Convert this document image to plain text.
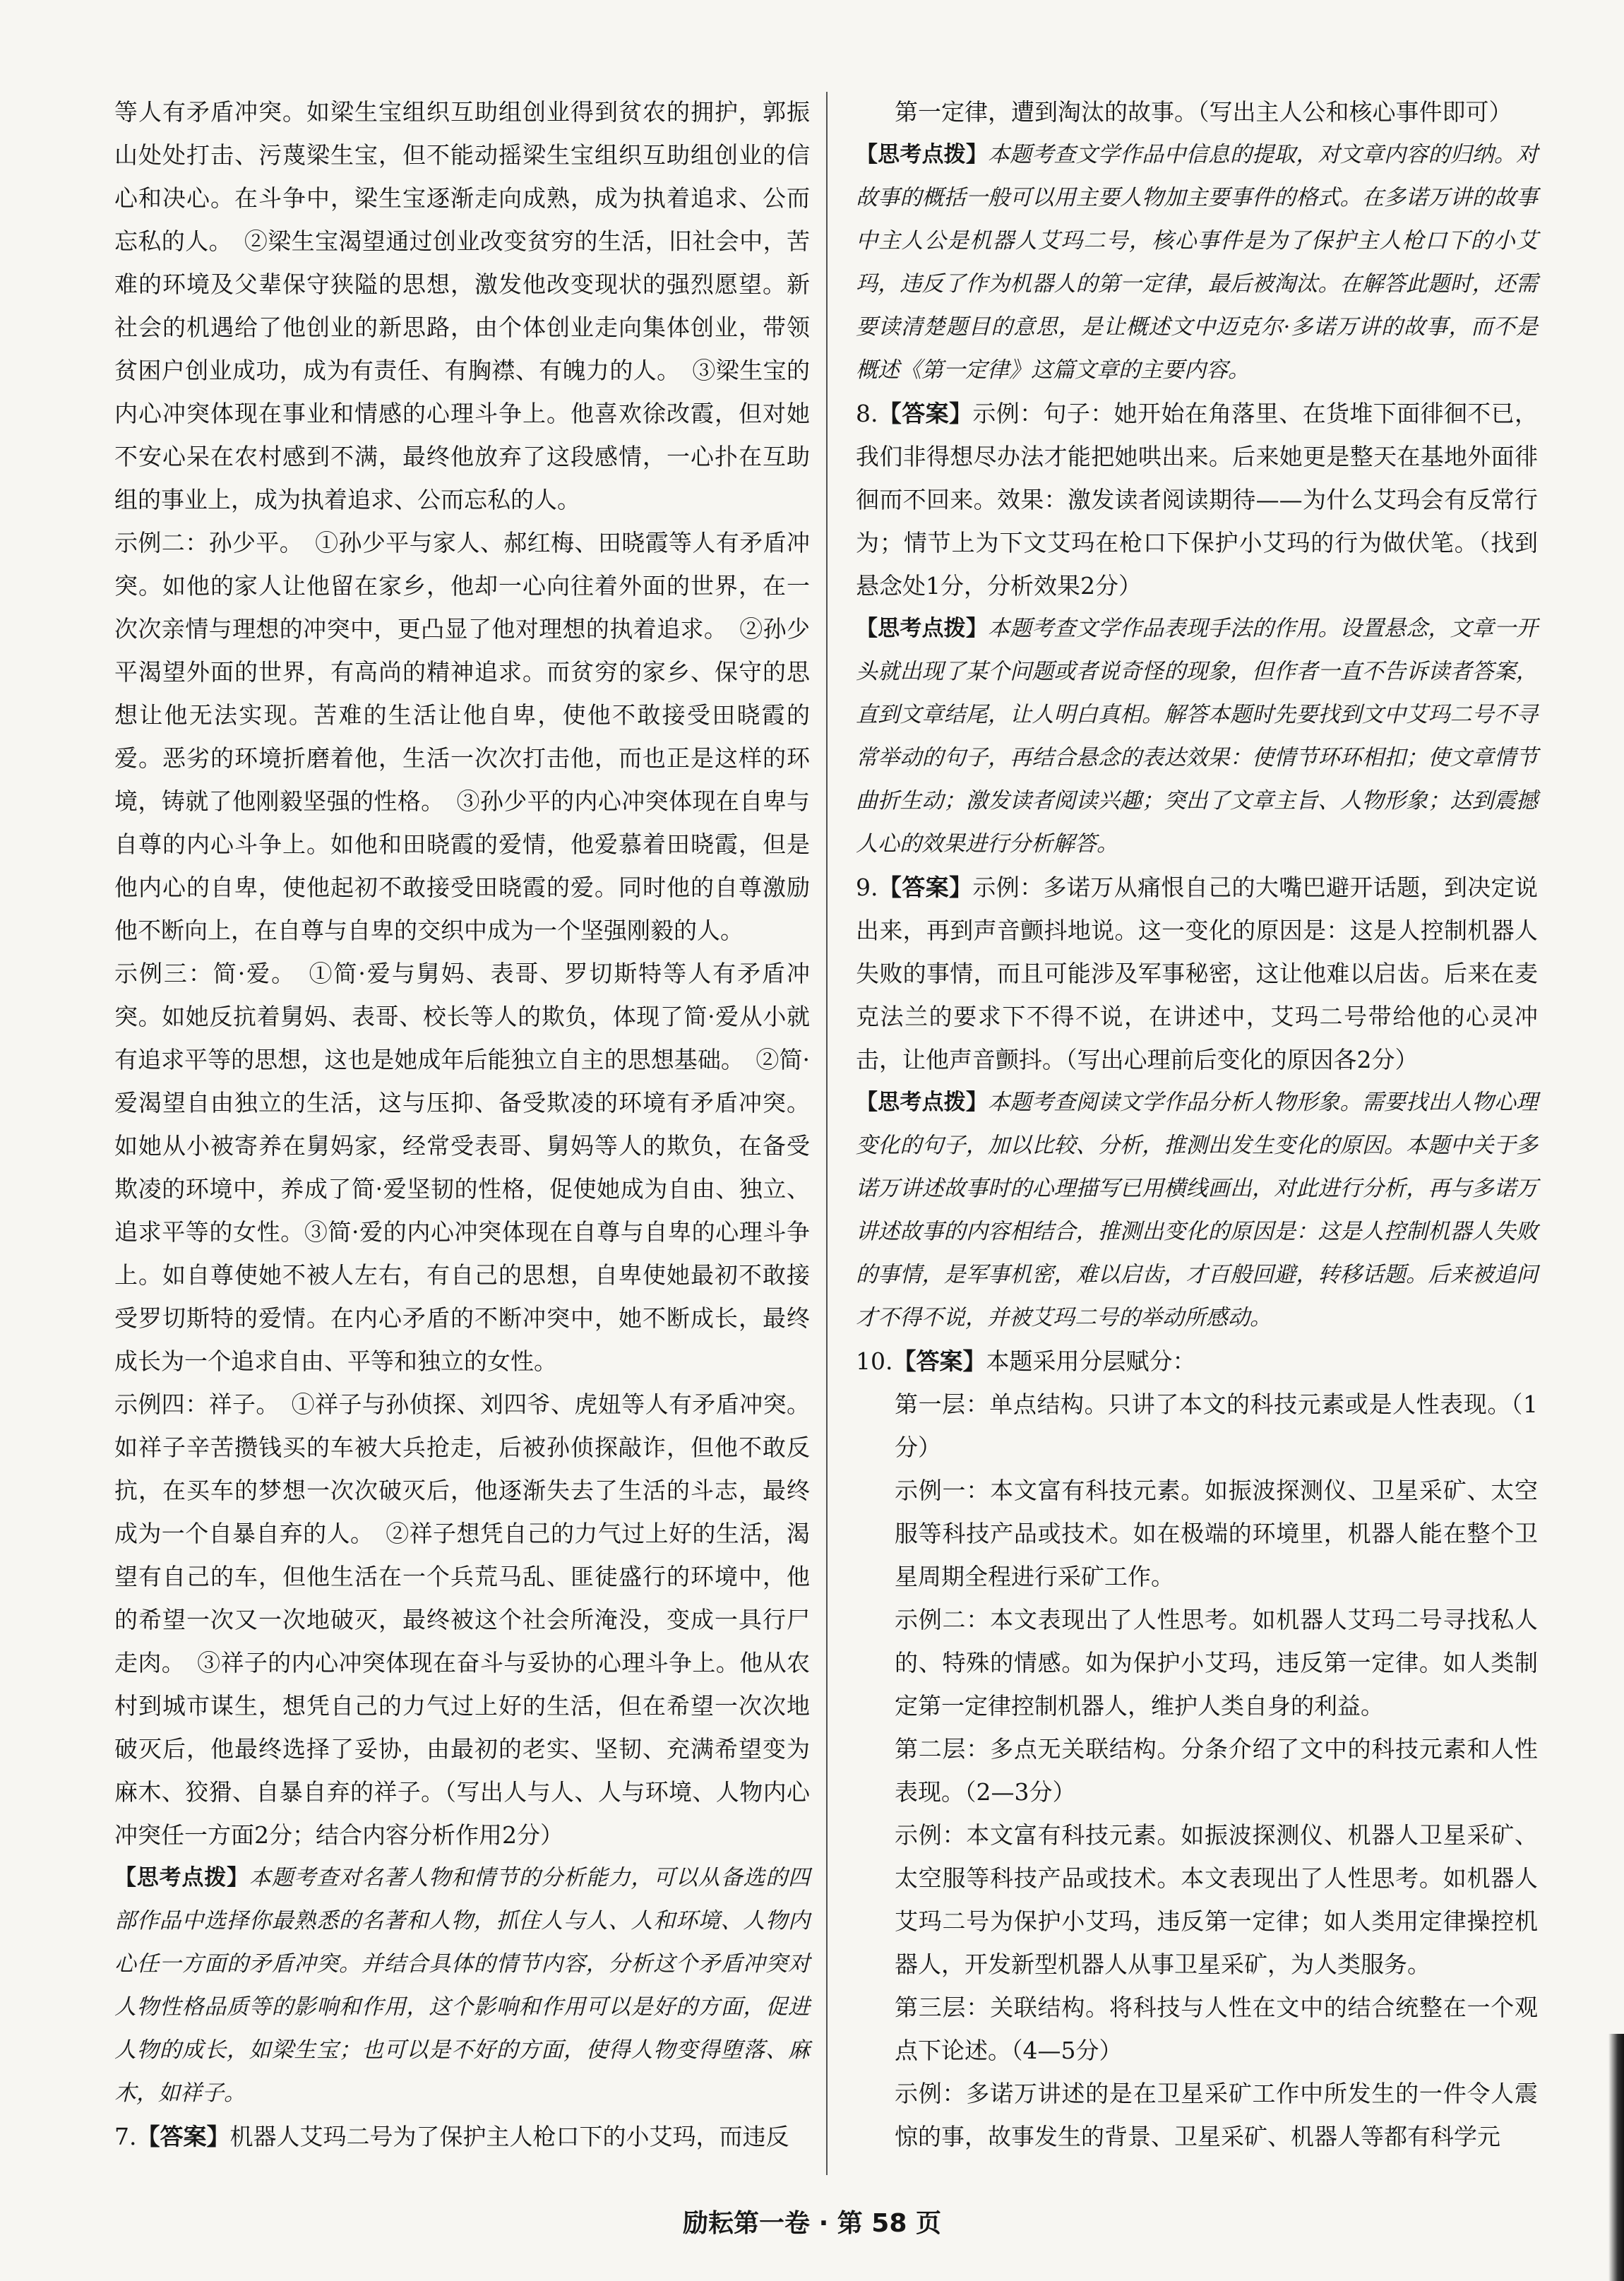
等人有矛盾冲突。如梁生宝组织互助组创业得到贫农的拥护，郭振山处处打击、污蔑梁生宝，但不能动摇梁生宝组织互助组创业的信心和决心。在斗争中，梁生宝逐渐走向成熟，成为执着追求、公而忘私的人。　②梁生宝渴望通过创业改变贫穷的生活，旧社会中，苦难的环境及父辈保守狭隘的思想，激发他改变现状的强烈愿望。新社会的机遇给了他创业的新思路，由个体创业走向集体创业，带领贫困户创业成功，成为有责任、有胸襟、有魄力的人。　③梁生宝的内心冲突体现在事业和情感的心理斗争上。他喜欢徐改霞，但对她不安心呆在农村感到不满，最终他放弃了这段感情，一心扑在互助组的事业上，成为执着追求、公而忘私的人。

示例二：孙少平。　①孙少平与家人、郝红梅、田晓霞等人有矛盾冲突。如他的家人让他留在家乡，他却一心向往着外面的世界，在一次次亲情与理想的冲突中，更凸显了他对理想的执着追求。　②孙少平渴望外面的世界，有高尚的精神追求。而贫穷的家乡、保守的思想让他无法实现。苦难的生活让他自卑，使他不敢接受田晓霞的爱。恶劣的环境折磨着他，生活一次次打击他，而也正是这样的环境，铸就了他刚毅坚强的性格。　③孙少平的内心冲突体现在自卑与自尊的内心斗争上。如他和田晓霞的爱情，他爱慕着田晓霞，但是他内心的自卑，使他起初不敢接受田晓霞的爱。同时他的自尊激励他不断向上，在自尊与自卑的交织中成为一个坚强刚毅的人。

示例三：简·爱。　①简·爱与舅妈、表哥、罗切斯特等人有矛盾冲突。如她反抗着舅妈、表哥、校长等人的欺负，体现了简·爱从小就有追求平等的思想，这也是她成年后能独立自主的思想基础。　②简·爱渴望自由独立的生活，这与压抑、备受欺凌的环境有矛盾冲突。如她从小被寄养在舅妈家，经常受表哥、舅妈等人的欺负，在备受欺凌的环境中，养成了简·爱坚韧的性格，促使她成为自由、独立、追求平等的女性。③简·爱的内心冲突体现在自尊与自卑的心理斗争上。如自尊使她不被人左右，有自己的思想，自卑使她最初不敢接受罗切斯特的爱情。在内心矛盾的不断冲突中，她不断成长，最终成长为一个追求自由、平等和独立的女性。

示例四：祥子。　①祥子与孙侦探、刘四爷、虎妞等人有矛盾冲突。如祥子辛苦攒钱买的车被大兵抢走，后被孙侦探敲诈，但他不敢反抗，在买车的梦想一次次破灭后，他逐渐失去了生活的斗志，最终成为一个自暴自弃的人。　②祥子想凭自己的力气过上好的生活，渴望有自己的车，但他生活在一个兵荒马乱、匪徒盛行的环境中，他的希望一次又一次地破灭，最终被这个社会所淹没，变成一具行尸走肉。　③祥子的内心冲突体现在奋斗与妥协的心理斗争上。他从农村到城市谋生，想凭自己的力气过上好的生活，但在希望一次次地破灭后，他最终选择了妥协，由最初的老实、坚韧、充满希望变为麻木、狡猾、自暴自弃的祥子。（写出人与人、人与环境、人物内心冲突任一方面2分；结合内容分析作用2分）

【思考点拨】本题考查对名著人物和情节的分析能力，可以从备选的四部作品中选择你最熟悉的名著和人物，抓住人与人、人和环境、人物内心任一方面的矛盾冲突。并结合具体的情节内容，分析这个矛盾冲突对人物性格品质等的影响和作用，这个影响和作用可以是好的方面，促进人物的成长，如梁生宝；也可以是不好的方面，使得人物变得堕落、麻木，如祥子。

7.【答案】机器人艾玛二号为了保护主人枪口下的小艾玛，而违反

第一定律，遭到淘汰的故事。（写出主人公和核心事件即可）

【思考点拨】本题考查文学作品中信息的提取，对文章内容的归纳。对故事的概括一般可以用主要人物加主要事件的格式。在多诺万讲的故事中主人公是机器人艾玛二号，核心事件是为了保护主人枪口下的小艾玛，违反了作为机器人的第一定律，最后被淘汰。在解答此题时，还需要读清楚题目的意思，是让概述文中迈克尔·多诺万讲的故事，而不是概述《第一定律》这篇文章的主要内容。

8.【答案】示例：句子：她开始在角落里、在货堆下面徘徊不已，我们非得想尽办法才能把她哄出来。后来她更是整天在基地外面徘徊而不回来。效果：激发读者阅读期待——为什么艾玛会有反常行为；情节上为下文艾玛在枪口下保护小艾玛的行为做伏笔。（找到悬念处1分，分析效果2分）

【思考点拨】本题考查文学作品表现手法的作用。设置悬念，文章一开头就出现了某个问题或者说奇怪的现象，但作者一直不告诉读者答案，直到文章结尾，让人明白真相。解答本题时先要找到文中艾玛二号不寻常举动的句子，再结合悬念的表达效果：使情节环环相扣；使文章情节曲折生动；激发读者阅读兴趣；突出了文章主旨、人物形象；达到震撼人心的效果进行分析解答。

9.【答案】示例：多诺万从痛恨自己的大嘴巴避开话题，到决定说出来，再到声音颤抖地说。这一变化的原因是：这是人控制机器人失败的事情，而且可能涉及军事秘密，这让他难以启齿。后来在麦克法兰的要求下不得不说，在讲述中，艾玛二号带给他的心灵冲击，让他声音颤抖。（写出心理前后变化的原因各2分）

【思考点拨】本题考查阅读文学作品分析人物形象。需要找出人物心理变化的句子，加以比较、分析，推测出发生变化的原因。本题中关于多诺万讲述故事时的心理描写已用横线画出，对此进行分析，再与多诺万讲述故事的内容相结合，推测出变化的原因是：这是人控制机器人失败的事情，是军事机密，难以启齿，才百般回避，转移话题。后来被追问才不得不说，并被艾玛二号的举动所感动。

10.【答案】本题采用分层赋分：

第一层：单点结构。只讲了本文的科技元素或是人性表现。（1分）

示例一：本文富有科技元素。如振波探测仪、卫星采矿、太空服等科技产品或技术。如在极端的环境里，机器人能在整个卫星周期全程进行采矿工作。

示例二：本文表现出了人性思考。如机器人艾玛二号寻找私人的、特殊的情感。如为保护小艾玛，违反第一定律。如人类制定第一定律控制机器人，维护人类自身的利益。

第二层：多点无关联结构。分条介绍了文中的科技元素和人性表现。（2—3分）

示例：本文富有科技元素。如振波探测仪、机器人卫星采矿、太空服等科技产品或技术。本文表现出了人性思考。如机器人艾玛二号为保护小艾玛，违反第一定律；如人类用定律操控机器人，开发新型机器人从事卫星采矿，为人类服务。

第三层：关联结构。将科技与人性在文中的结合统整在一个观点下论述。（4—5分）

示例：多诺万讲述的是在卫星采矿工作中所发生的一件令人震惊的事，故事发生的背景、卫星采矿、机器人等都有科学元

励耘第一卷 · 第 58 页
